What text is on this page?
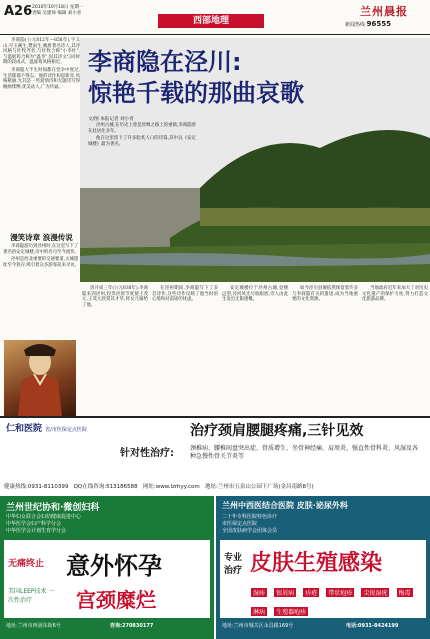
A26 2010年10月18日 星期一
责编 吴建保 编辑 刘小青
西部地理
兰州晨报
新闻热线 96555

李商隐(公元812年—858年),字义山,号玉溪生,樊南生,晚唐著名诗人,其诗风格与杜牧齐名,与杜牧合称"小李杜",与温庭筠合称为"温李",因其诗文与同时期的段成式、温庭筠风格相近。

李商隐大半生时间都在党争中度过,生活郁郁不得志。他的诗作构思新奇,风格秾丽,尤其是一些爱情诗和无题诗写得缠绵悱恻,优美动人,广为传诵。

漫笑诗章 浪漫传说

李商隐游历到泾州时,在这里写下了著名的安定城楼,诗中的名句至今流传。

泾州是西北重要的交通要道,古城遗址至今犹存,吸引着众多游客前来寻访。

李商隐在泾川:
惊艳千载的那曲哀歌
文/图 本报记者 刘小青

泾州古城,在历史上曾是丝绸之路上的重镇,李商隐曾在此居住多年。

他在这里留下了许多脍炙人口的诗篇,其中以《安定城楼》最为著名。

唐开成三年(公元838年),李商隐来到泾州,投奔泾原节度使王茂元,王茂元欣赏其才华,将女儿嫁给了他。

在泾州期间,李商隐写下了多首诗作,这些诗作反映了他当时的心境和对前途的忧虑。

安定城楼位于泾州古城,登楼远望,泾河风光尽收眼底,诗人由此生发出无限感慨。

如今泾川县城依然保留着许多与李商隐有关的遗迹,成为当地重要的文化资源。

当地政府近年来加大了对历史文化遗产的保护力度,努力打造文化旅游品牌。

仁和医院 省/市医保定点医院	治疗颈肩腰腿疼痛,三针见效
针对性治疗:	颈椎病、腰椎间盘突出症、骨质增生、坐骨神经痛、肩周炎、强直性骨科炎、风湿及各种急慢性骨关节炎等
健康热线:0931-8110399 QQ在线咨询:513186588 网址:www.lzrhyy.com 地址:兰州市五泉山公园下广场(金昌南路8号)
兰州世纪协和·微创妇科
中华妇女联合会妇幼健康促进中心
中华医学会妇产科学分会
中华医学会计划生育学分会
无痛终止 意外怀孕
美国LEEP技术 一次性治疗	宫颈糜烂
地址:兰州市西固东街6号	咨询:270830177
兰州中西医结合医院 皮肤·泌尿外科
二十年专科医院特色诊疗
市医保定点医院
全国皮肤病学会团体会员
专业治疗 皮肤生殖感染
湿疹 银屑病 疥疮 带状疱疹 尖锐湿疣 梅毒 淋病 生殖器疱疹
地址:兰州市城关区永昌路169号	电话:0931-8424199
